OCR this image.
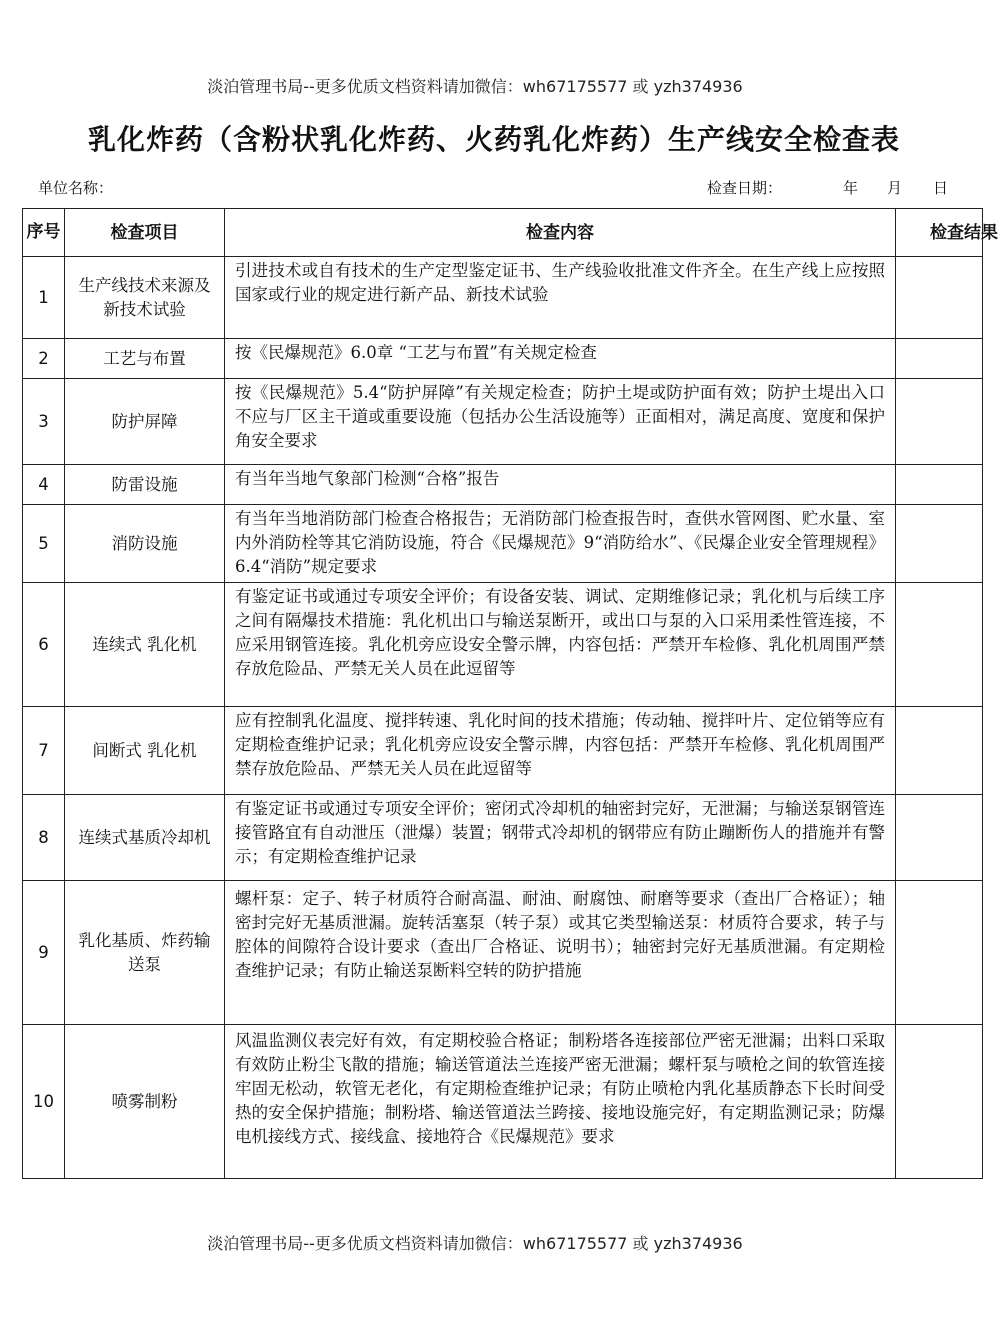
淡泊管理书局--更多优质文档资料请加微信：wh67175577 或 yzh374936
乳化炸药（含粉状乳化炸药、火药乳化炸药）生产线安全检查表
单位名称：	检查日期：	年 月 日
序号	检查项目	检查内容	检查结果
1	生产线技术来源及新技术试验	引进技术或自有技术的生产定型鉴定证书、生产线验收批准文件齐全。在生产线上应按照国家或行业的规定进行新产品、新技术试验	
2	工艺与布置	按《民爆规范》6.0章 “工艺与布置”有关规定检查	
3	防护屏障	按《民爆规范》5.4“防护屏障”有关规定检查；防护土堤或防护面有效；防护土堤出入口不应与厂区主干道或重要设施（包括办公生活设施等）正面相对，满足高度、宽度和保护角安全要求	
4	防雷设施	有当年当地气象部门检测“合格”报告	
5	消防设施	有当年当地消防部门检查合格报告；无消防部门检查报告时，查供水管网图、贮水量、室内外消防栓等其它消防设施，符合《民爆规范》9“消防给水”、《民爆企业安全管理规程》6.4“消防”规定要求	
6	连续式 乳化机	有鉴定证书或通过专项安全评价；有设备安装、调试、定期维修记录；乳化机与后续工序之间有隔爆技术措施：乳化机出口与输送泵断开，或出口与泵的入口采用柔性管连接，不应采用钢管连接。乳化机旁应设安全警示牌，内容包括：严禁开车检修、乳化机周围严禁存放危险品、严禁无关人员在此逗留等	
7	间断式 乳化机	应有控制乳化温度、搅拌转速、乳化时间的技术措施；传动轴、搅拌叶片、定位销等应有定期检查维护记录；乳化机旁应设安全警示牌，内容包括：严禁开车检修、乳化机周围严禁存放危险品、严禁无关人员在此逗留等	

8	连续式基质冷却机	有鉴定证书或通过专项安全评价；密闭式冷却机的轴密封完好，无泄漏；与输送泵钢管连接管路宜有自动泄压（泄爆）装置；钢带式冷却机的钢带应有防止蹦断伤人的措施并有警示；有定期检查维护记录	
9	乳化基质、炸药输送泵	螺杆泵：定子、转子材质符合耐高温、耐油、耐腐蚀、耐磨等要求（查出厂合格证）；轴密封完好无基质泄漏。旋转活塞泵（转子泵）或其它类型输送泵：材质符合要求，转子与腔体的间隙符合设计要求（查出厂合格证、说明书）；轴密封完好无基质泄漏。有定期检查维护记录；有防止输送泵断料空转的防护措施	
10	喷雾制粉	风温监测仪表完好有效，有定期校验合格证；制粉塔各连接部位严密无泄漏；出料口采取有效防止粉尘飞散的措施；输送管道法兰连接严密无泄漏；螺杆泵与喷枪之间的软管连接牢固无松动，软管无老化，有定期检查维护记录；有防止喷枪内乳化基质静态下长时间受热的安全保护措施；制粉塔、输送管道法兰跨接、接地设施完好，有定期监测记录；防爆电机接线方式、接线盒、接地符合《民爆规范》要求	
淡泊管理书局--更多优质文档资料请加微信：wh67175577 或 yzh374936
